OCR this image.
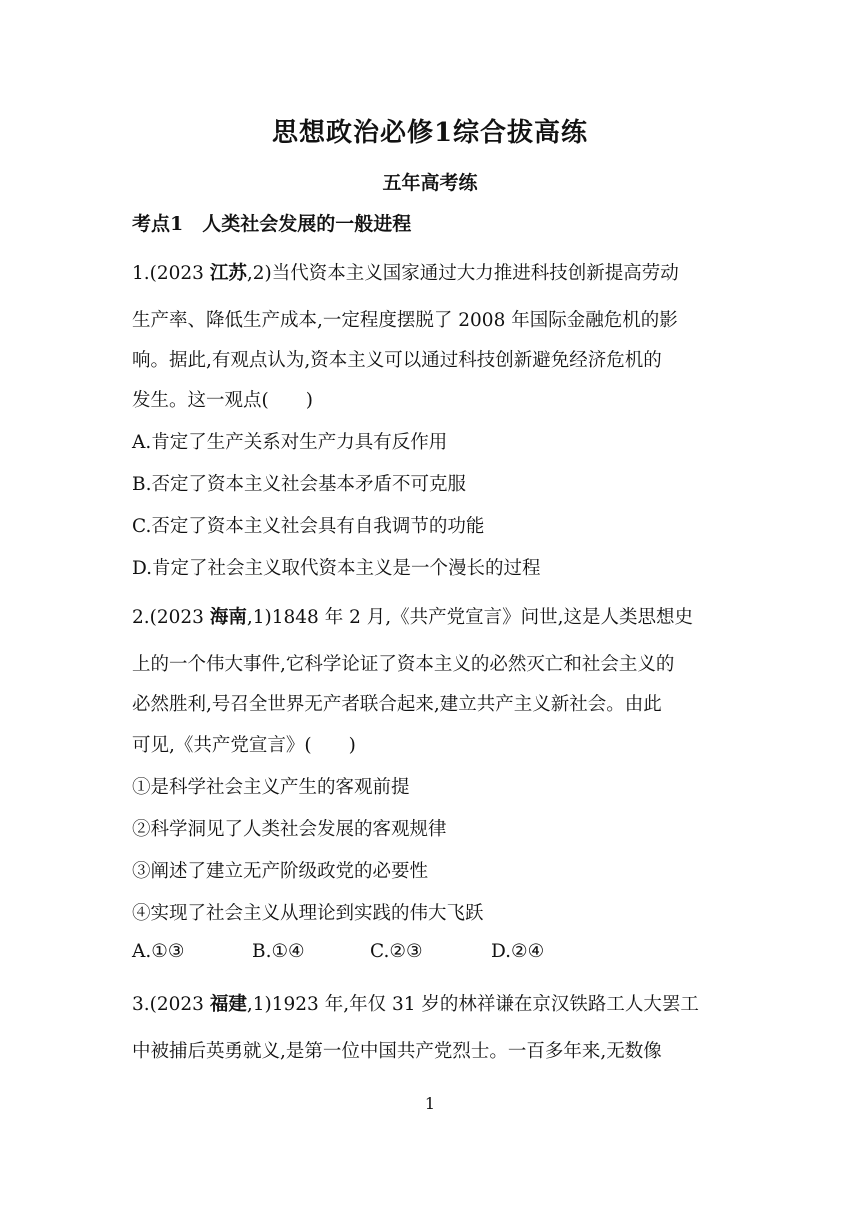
思想政治必修1综合拔高练
五年高考练
考点1　人类社会发展的一般进程
1.(2023 江苏,2)当代资本主义国家通过大力推进科技创新提高劳动
生产率、降低生产成本,一定程度摆脱了 2008 年国际金融危机的影
响。据此,有观点认为,资本主义可以通过科技创新避免经济危机的
发生。这一观点(　　)
A.肯定了生产关系对生产力具有反作用
B.否定了资本主义社会基本矛盾不可克服
C.否定了资本主义社会具有自我调节的功能
D.肯定了社会主义取代资本主义是一个漫长的过程
2.(2023 海南,1)1848 年 2 月,《共产党宣言》问世,这是人类思想史
上的一个伟大事件,它科学论证了资本主义的必然灭亡和社会主义的
必然胜利,号召全世界无产者联合起来,建立共产主义新社会。由此
可见,《共产党宣言》(　　)
①是科学社会主义产生的客观前提
②科学洞见了人类社会发展的客观规律
③阐述了建立无产阶级政党的必要性
④实现了社会主义从理论到实践的伟大飞跃
A.①③	B.①④	C.②③	D.②④
3.(2023 福建,1)1923 年,年仅 31 岁的林祥谦在京汉铁路工人大罢工
中被捕后英勇就义,是第一位中国共产党烈士。一百多年来,无数像
1
